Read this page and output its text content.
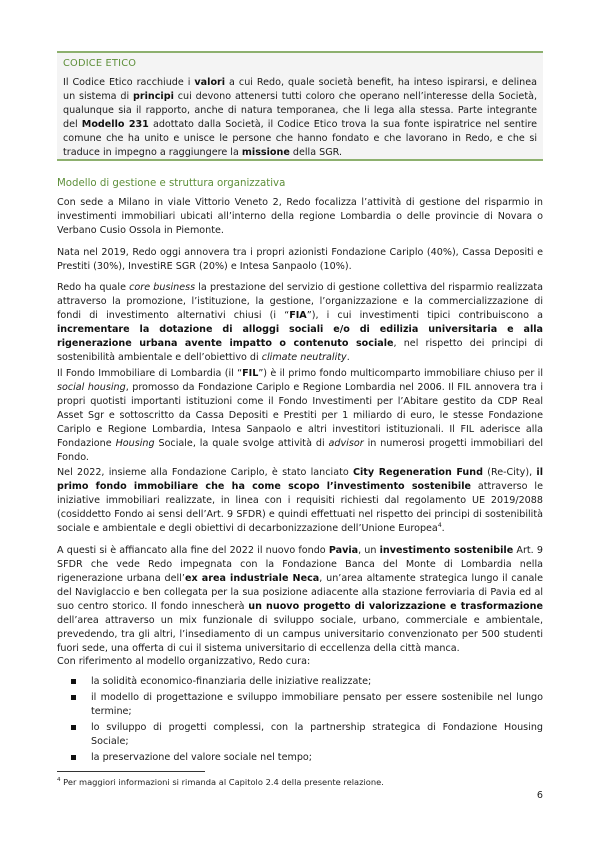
CODICE ETICO

Il Codice Etico racchiude i valori a cui Redo, quale società benefit, ha inteso ispirarsi, e delinea un sistema di principi cui devono attenersi tutti coloro che operano nell’interesse della Società, qualunque sia il rapporto, anche di natura temporanea, che li lega alla stessa. Parte integrante del Modello 231 adottato dalla Società, il Codice Etico trova la sua fonte ispiratrice nel sentire comune che ha unito e unisce le persone che hanno fondato e che lavorano in Redo, e che si traduce in impegno a raggiungere la missione della SGR.

Modello di gestione e struttura organizzativa

Con sede a Milano in viale Vittorio Veneto 2, Redo focalizza l’attività di gestione del risparmio in investimenti immobiliari ubicati all’interno della regione Lombardia o delle provincie di Novara o Verbano Cusio Ossola in Piemonte.

Nata nel 2019, Redo oggi annovera tra i propri azionisti Fondazione Cariplo (40%), Cassa Depositi e Prestiti (30%), InvestiRE SGR (20%) e Intesa Sanpaolo (10%).

Redo ha quale core business la prestazione del servizio di gestione collettiva del risparmio realizzata attraverso la promozione, l’istituzione, la gestione, l’organizzazione e la commercializzazione di fondi di investimento alternativi chiusi (i “FIA”), i cui investimenti tipici contribuiscono a incrementare la dotazione di alloggi sociali e/o di edilizia universitaria e alla rigenerazione urbana avente impatto o contenuto sociale, nel rispetto dei principi di sostenibilità ambientale e dell’obiettivo di climate neutrality.

Il Fondo Immobiliare di Lombardia (il “FIL”) è il primo fondo multicomparto immobiliare chiuso per il social housing, promosso da Fondazione Cariplo e Regione Lombardia nel 2006. Il FIL annovera tra i propri quotisti importanti istituzioni come il Fondo Investimenti per l’Abitare gestito da CDP Real Asset Sgr e sottoscritto da Cassa Depositi e Prestiti per 1 miliardo di euro, le stesse Fondazione Cariplo e Regione Lombardia, Intesa Sanpaolo e altri investitori istituzionali. Il FIL aderisce alla Fondazione Housing Sociale, la quale svolge attività di advisor in numerosi progetti immobiliari del Fondo.

Nel 2022, insieme alla Fondazione Cariplo, è stato lanciato City Regeneration Fund (Re-City), il primo fondo immobiliare che ha come scopo l’investimento sostenibile attraverso le iniziative immobiliari realizzate, in linea con i requisiti richiesti dal regolamento UE 2019/2088 (cosiddetto Fondo ai sensi dell’Art. 9 SFDR) e quindi effettuati nel rispetto dei principi di sostenibilità sociale e ambientale e degli obiettivi di decarbonizzazione dell’Unione Europea$^4$.

A questi si è affiancato alla fine del 2022 il nuovo fondo Pavia, un investimento sostenibile Art. 9 SFDR che vede Redo impegnata con la Fondazione Banca del Monte di Lombardia nella rigenerazione urbana dell’ex area industriale Neca, un’area altamente strategica lungo il canale del Naviglaccio e ben collegata per la sua posizione adiacente alla stazione ferroviaria di Pavia ed al suo centro storico. Il fondo innescherà un nuovo progetto di valorizzazione e trasformazione dell’area attraverso un mix funzionale di sviluppo sociale, urbano, commerciale e ambientale, prevedendo, tra gli altri, l’insediamento di un campus universitario convenzionato per 500 studenti fuori sede, una offerta di cui il sistema universitario di eccellenza della città manca.

Con riferimento al modello organizzativo, Redo cura:

la solidità economico-finanziaria delle iniziative realizzate;
il modello di progettazione e sviluppo immobiliare pensato per essere sostenibile nel lungo termine;
lo sviluppo di progetti complessi, con la partnership strategica di Fondazione Housing Sociale;
la preservazione del valore sociale nel tempo;
$^4$ Per maggiori informazioni si rimanda al Capitolo 2.4 della presente relazione.
6
